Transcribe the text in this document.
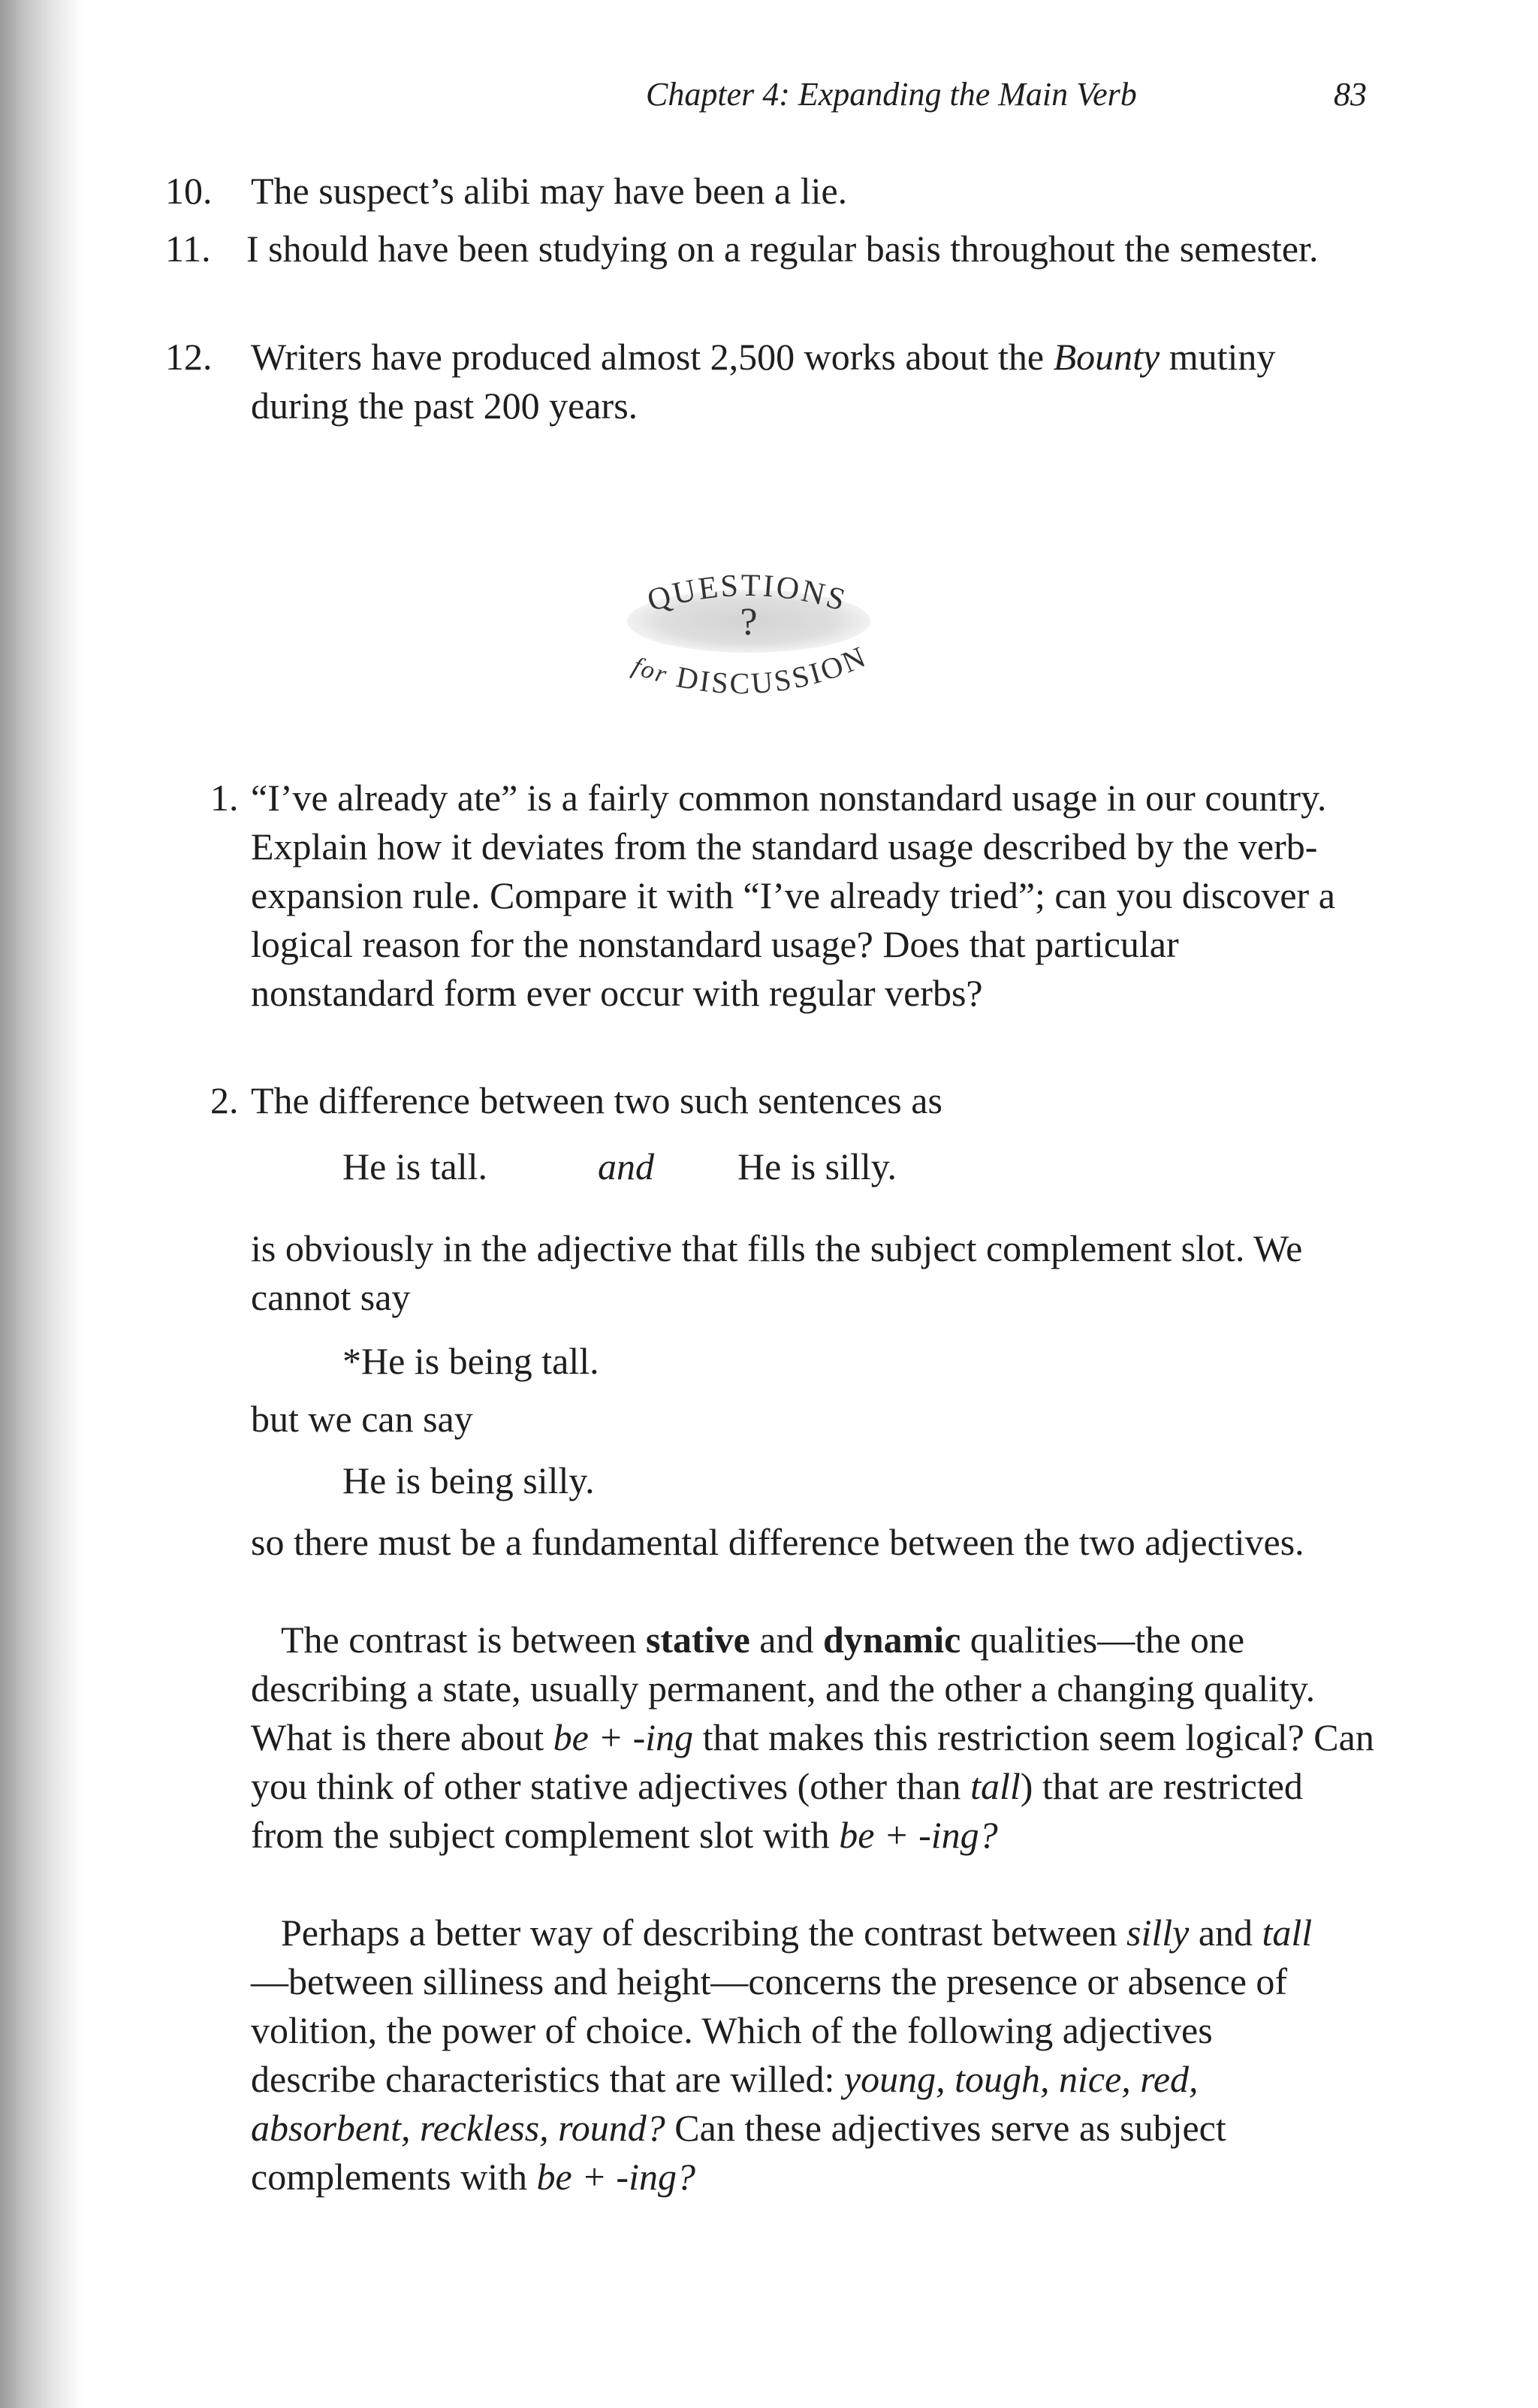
Chapter 4: Expanding the Main Verb	83
10. The suspect’s alibi may have been a lie.
11. I should have been studying on a regular basis throughout the semester.
12. Writers have produced almost 2,500 works about the Bounty mutiny during the past 200 years.
QUESTIONS
?
for DISCUSSION
1. “I’ve already ate” is a fairly common nonstandard usage in our country. Explain how it deviates from the standard usage described by the verb-expansion rule. Compare it with “I’ve already tried”; can you discover a logical reason for the nonstandard usage? Does that particular nonstandard form ever occur with regular verbs?
2. The difference between two such sentences as
He is tall.	and He is silly.
is obviously in the adjective that fills the subject complement slot. We cannot say
*He is being tall.
but we can say
He is being silly.
so there must be a fundamental difference between the two adjectives.
The contrast is between stative and dynamic qualities—the one describing a state, usually permanent, and the other a changing quality. What is there about be + -ing that makes this restriction seem logical? Can you think of other stative adjectives (other than tall) that are restricted from the subject complement slot with be + -ing?
Perhaps a better way of describing the contrast between silly and tall—between silliness and height—concerns the presence or absence of volition, the power of choice. Which of the following adjectives describe characteristics that are willed: young, tough, nice, red, absorbent, reckless, round? Can these adjectives serve as subject complements with be + -ing?
